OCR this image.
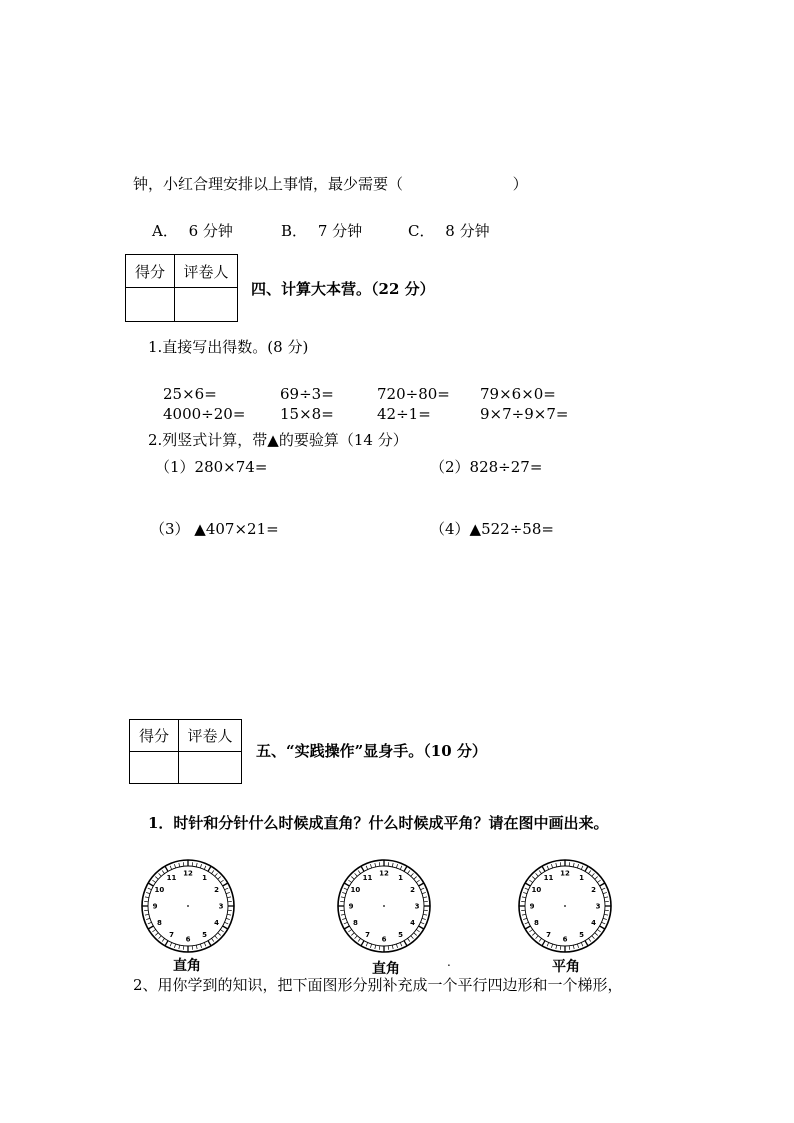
钟，小红合理安排以上事情，最少需要（	）
A． 6 分钟	B． 7 分钟	C． 8 分钟
得分	评卷人

四、计算大本营。（22 分）
1.直接写出得数。(8 分)
25×6=	69÷3=	720÷80= 79×6×0=
4000÷20= 15×8=	42÷1=	9×7÷9×7=
2.列竖式计算，带▲的要验算（14 分）
（1）280×74=	（2）828÷27=
（3） ▲407×21=	（4）▲522÷58=
得分	评卷人

五、“实践操作”显身手。（10 分）
1．时针和分针什么时候成直角？什么时候成平角？请在图中画出来。
12
1
2
3
4
5
6
7
8
9
10
11
12
1
2
3
4
5
6
7
8
9
10
11
12
1
2
3
4
5
6
7
8
9
10
11
直角	直角	.	平角
2、用你学到的知识，把下面图形分别补充成一个平行四边形和一个梯形，
